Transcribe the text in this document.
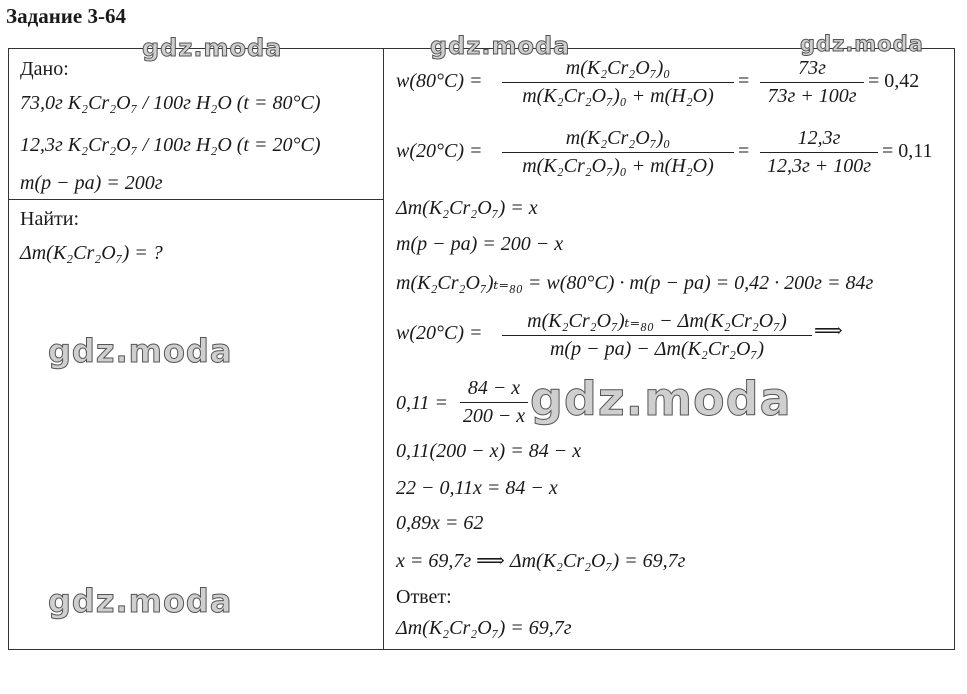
Задание 3-64
Дано:
73,0г K₂Cr₂O₇ / 100г H₂O (t = 80°C)
12,3г K₂Cr₂O₇ / 100г H₂O (t = 20°C)
m(p − pa) = 200г
Найти:
Δm(K₂Cr₂O₇) = ?
w(80°C) =
m(K₂Cr₂O₇)₀
m(K₂Cr₂O₇)₀ + m(H₂O)
=
73г
73г + 100г
= 0,42
w(20°C) =
m(K₂Cr₂O₇)₀
m(K₂Cr₂O₇)₀ + m(H₂O)
=
12,3г
12,3г + 100г
= 0,11
Δm(K₂Cr₂O₇) = x
m(p − pa) = 200 − x
m(K₂Cr₂O₇)ₜ₌₈₀ = w(80°C) · m(p − pa) = 0,42 · 200г = 84г
w(20°C) =
m(K₂Cr₂O₇)ₜ₌₈₀ − Δm(K₂Cr₂O₇)
m(p − pa) − Δm(K₂Cr₂O₇)
⟹
0,11 =
84 − x
200 − x
0,11(200 − x) = 84 − x
22 − 0,11x = 84 − x
0,89x = 62
x = 69,7г ⟹ Δm(K₂Cr₂O₇) = 69,7г
Ответ:
Δm(K₂Cr₂O₇) = 69,7г
gdz.moda	gdz.moda	gdz.moda
gdz.moda
gdz.moda
gdz.moda
